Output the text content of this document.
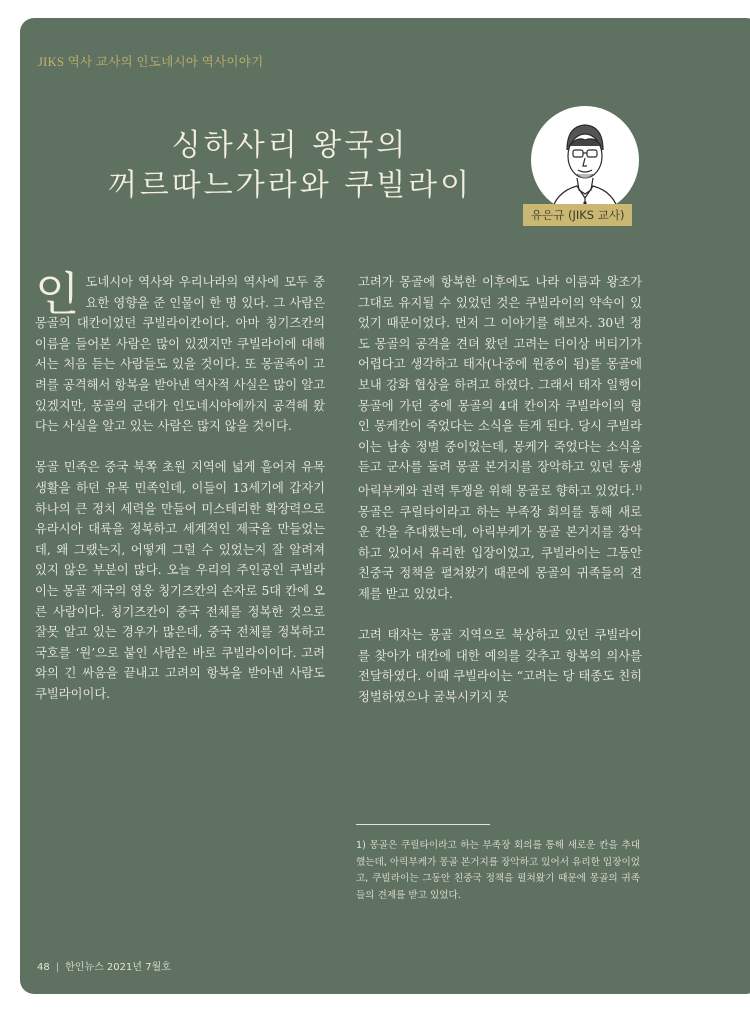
JIKS 역사 교사의 인도네시아 역사이야기
싱하사리 왕국의
꺼르따느가라와 쿠빌라이
유은규 (JIKS 교사)

인도네시아 역사와 우리나라의 역사에 모두 중요한 영향을 준 인물이 한 명 있다. 그 사람은 몽골의 대칸이었던 쿠빌라이칸이다. 아마 칭기즈칸의 이름을 들어본 사람은 많이 있겠지만 쿠빌라이에 대해서는 처음 듣는 사람들도 있을 것이다. 또 몽골족이 고려를 공격해서 항복을 받아낸 역사적 사실은 많이 알고 있겠지만, 몽골의 군대가 인도네시아에까지 공격해 왔다는 사실을 알고 있는 사람은 많지 않을 것이다.

몽골 민족은 중국 북쪽 초원 지역에 넓게 흩어져 유목 생활을 하던 유목 민족인데, 이들이 13세기에 갑자기 하나의 큰 정치 세력을 만들어 미스테리한 확장력으로 유라시아 대륙을 정복하고 세계적인 제국을 만들었는데, 왜 그랬는지, 어떻게 그럴 수 있었는지 잘 알려져 있지 않은 부분이 많다. 오늘 우리의 주인공인 쿠빌라이는 몽골 제국의 영웅 칭기즈칸의 손자로 5대 칸에 오른 사람이다. 칭기즈칸이 중국 전체를 정복한 것으로 잘못 알고 있는 경우가 많은데, 중국 전체를 정복하고 국호를 ‘원’으로 붙인 사람은 바로 쿠빌라이이다. 고려와의 긴 싸움을 끝내고 고려의 항복을 받아낸 사람도 쿠빌라이이다.

고려가 몽골에 항복한 이후에도 나라 이름과 왕조가 그대로 유지될 수 있었던 것은 쿠빌라이의 약속이 있었기 때문이었다. 먼저 그 이야기를 해보자. 30년 정도 몽골의 공격을 견뎌 왔던 고려는 더이상 버티기가 어렵다고 생각하고 태자(나중에 원종이 됨)를 몽골에 보내 강화 협상을 하려고 하였다. 그래서 태자 일행이 몽골에 가던 중에 몽골의 4대 칸이자 쿠빌라이의 형인 몽케칸이 죽었다는 소식을 듣게 된다. 당시 쿠빌라이는 남송 정벌 중이었는데, 몽케가 죽었다는 소식을 듣고 군사를 돌려 몽골 본거지를 장악하고 있던 동생 아릭부케와 권력 투쟁을 위해 몽골로 향하고 있었다.$^{1)}$ 몽골은 쿠릴타이라고 하는 부족장 회의를 통해 새로운 칸을 추대했는데, 아릭부케가 몽골 본거지를 장악하고 있어서 유리한 입장이었고, 쿠빌라이는 그동안 친중국 정책을 펼쳐왔기 때문에 몽골의 귀족들의 견제를 받고 있었다.

고려 태자는 몽골 지역으로 북상하고 있던 쿠빌라이를 찾아가 대칸에 대한 예의를 갖추고 항복의 의사를 전달하였다. 이때 쿠빌라이는 “고려는 당 태종도 친히 정벌하였으나 굴복시키지 못

1) 몽골은 쿠릴타이라고 하는 부족장 회의를 통해 새로운 칸을 추대했는데, 아릭부케가 몽골 본거지를 장악하고 있어서 유리한 입장이었고, 쿠빌라이는 그동안 친중국 정책을 펼쳐왔기 때문에 몽골의 귀족들의 견제를 받고 있었다.
48 | 한인뉴스 2021년 7월호
